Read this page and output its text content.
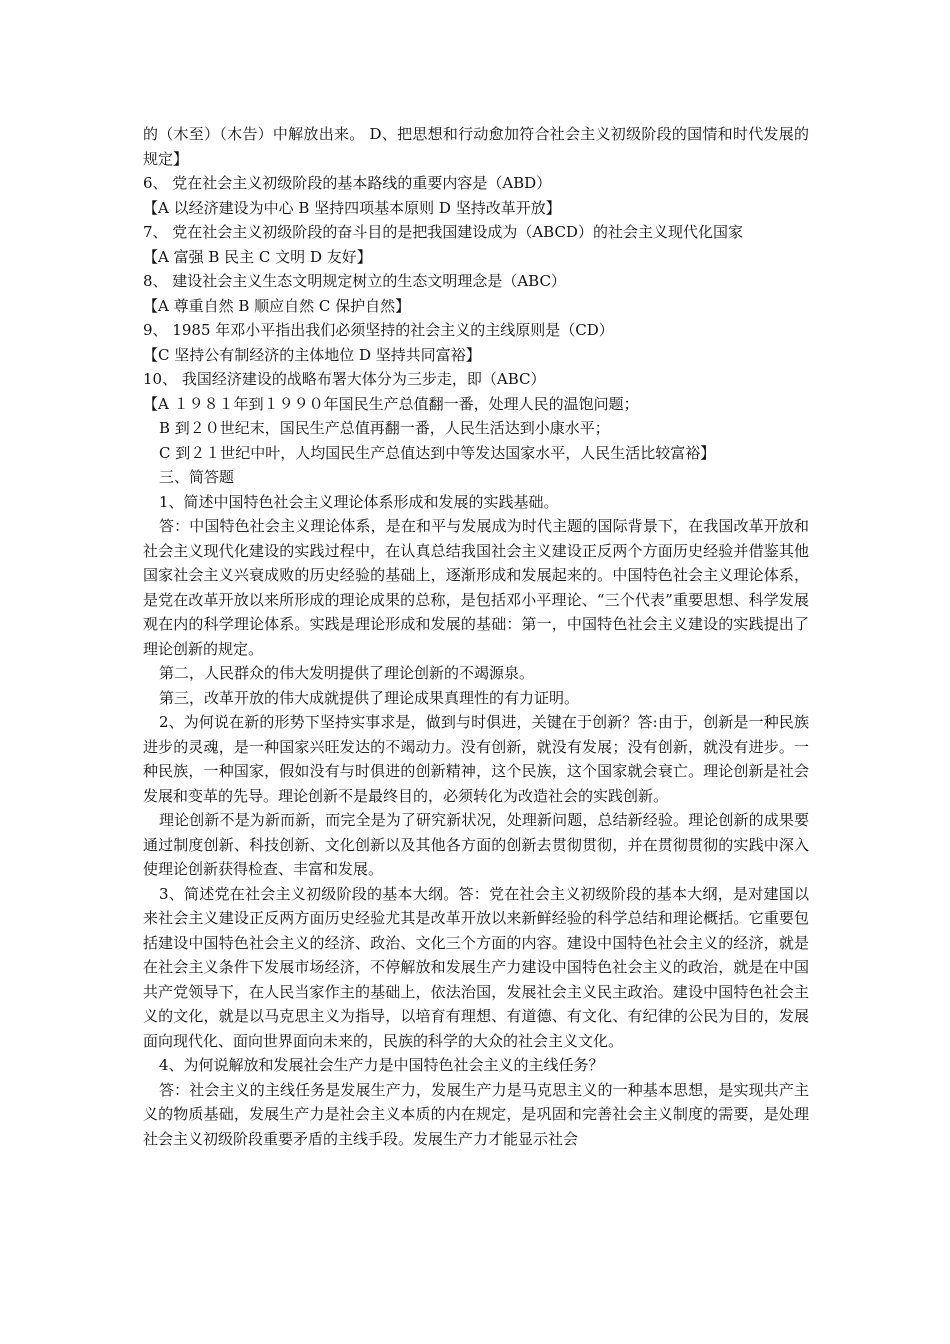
的（木至）（木告）中解放出来。 D、把思想和行动愈加符合社会主义初级阶段的国情和时代发展的规定】

6、 党在社会主义初级阶段的基本路线的重要内容是（ABD）

【A 以经济建设为中心 B 坚持四项基本原则 D 坚持改革开放】

7、 党在社会主义初级阶段的奋斗目的是把我国建设成为（ABCD）的社会主义现代化国家

【A 富强 B 民主 C 文明 D 友好】

8、 建设社会主义生态文明规定树立的生态文明理念是（ABC）

【A 尊重自然 B 顺应自然 C 保护自然】

9、 1985 年邓小平指出我们必须坚持的社会主义的主线原则是（CD）

【C 坚持公有制经济的主体地位 D 坚持共同富裕】

10、 我国经济建设的战略布署大体分为三步走，即（ABC）

【A １９８１年到１９９０年国民生产总值翻一番，处理人民的温饱问题；

B 到２０世纪末，国民生产总值再翻一番，人民生活达到小康水平；

C 到２１世纪中叶，人均国民生产总值达到中等发达国家水平，人民生活比较富裕】

三、简答题

1、简述中国特色社会主义理论体系形成和发展的实践基础。

答：中国特色社会主义理论体系，是在和平与发展成为时代主题的国际背景下，在我国改革开放和社会主义现代化建设的实践过程中，在认真总结我国社会主义建设正反两个方面历史经验并借鉴其他国家社会主义兴衰成败的历史经验的基础上，逐渐形成和发展起来的。中国特色社会主义理论体系，是党在改革开放以来所形成的理论成果的总称，是包括邓小平理论、“三个代表”重要思想、科学发展观在内的科学理论体系。实践是理论形成和发展的基础：第一，中国特色社会主义建设的实践提出了理论创新的规定。

第二，人民群众的伟大发明提供了理论创新的不竭源泉。

第三，改革开放的伟大成就提供了理论成果真理性的有力证明。

2、为何说在新的形势下坚持实事求是，做到与时俱进，关键在于创新？答:由于，创新是一种民族进步的灵魂，是一种国家兴旺发达的不竭动力。没有创新，就没有发展；没有创新，就没有进步。一种民族，一种国家，假如没有与时俱进的创新精神，这个民族，这个国家就会衰亡。理论创新是社会发展和变革的先导。理论创新不是最终目的，必须转化为改造社会的实践创新。

理论创新不是为新而新，而完全是为了研究新状况，处理新问题，总结新经验。理论创新的成果要通过制度创新、科技创新、文化创新以及其他各方面的创新去贯彻贯彻，并在贯彻贯彻的实践中深入使理论创新获得检查、丰富和发展。

3、简述党在社会主义初级阶段的基本大纲。答：党在社会主义初级阶段的基本大纲，是对建国以来社会主义建设正反两方面历史经验尤其是改革开放以来新鲜经验的科学总结和理论概括。它重要包括建设中国特色社会主义的经济、政治、文化三个方面的内容。建设中国特色社会主义的经济，就是在社会主义条件下发展市场经济，不停解放和发展生产力建设中国特色社会主义的政治，就是在中国共产党领导下，在人民当家作主的基础上，依法治国，发展社会主义民主政治。建设中国特色社会主义的文化，就是以马克思主义为指导，以培育有理想、有道德、有文化、有纪律的公民为目的，发展面向现代化、面向世界面向未来的，民族的科学的大众的社会主义文化。

4、为何说解放和发展社会生产力是中国特色社会主义的主线任务？

答：社会主义的主线任务是发展生产力，发展生产力是马克思主义的一种基本思想，是实现共产主义的物质基础，发展生产力是社会主义本质的内在规定，是巩固和完善社会主义制度的需要，是处理社会主义初级阶段重要矛盾的主线手段。发展生产力才能显示社会
